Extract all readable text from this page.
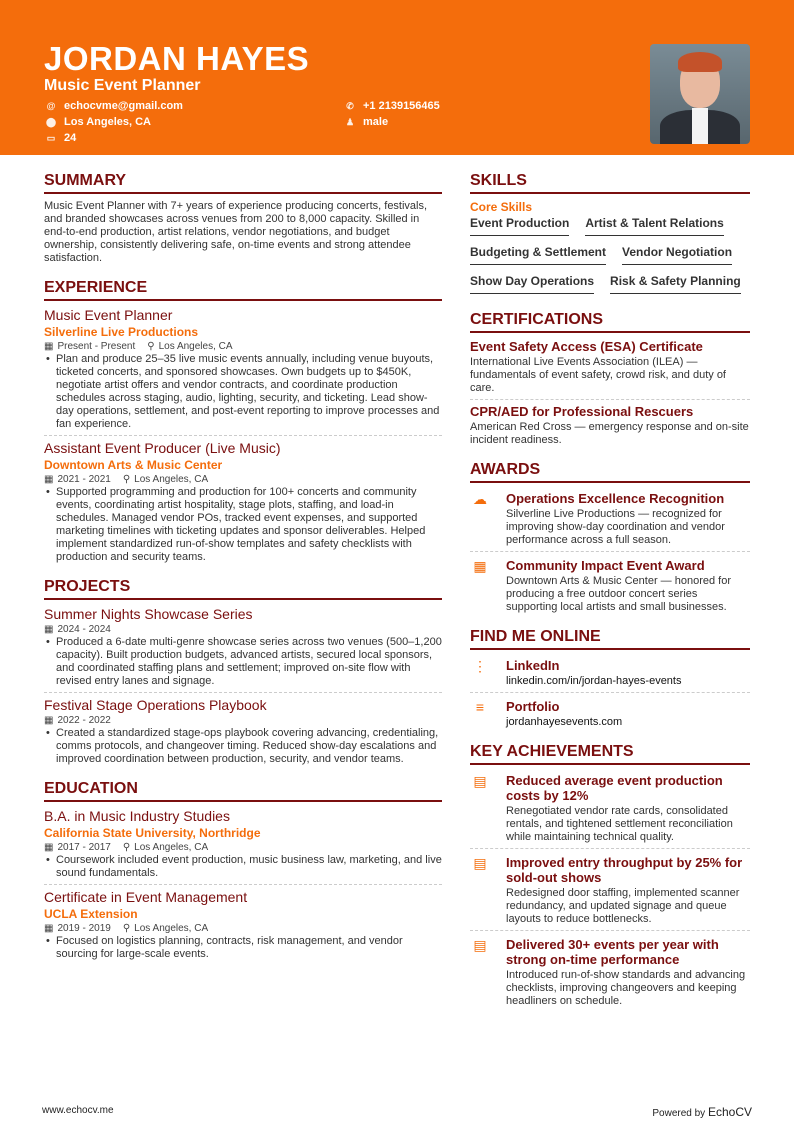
JORDAN HAYES
Music Event Planner
@ echocvme@gmail.com
⬤ Los Angeles, CA
▭ 24
✆ +1 2139156465
♟ male
SUMMARY
Music Event Planner with 7+ years of experience producing concerts, festivals, and branded showcases across venues from 200 to 8,000 capacity. Skilled in end-to-end production, artist relations, vendor negotiations, and budget ownership, consistently delivering safe, on-time events and strong attendee satisfaction.
EXPERIENCE
Music Event Planner
Silverline Live Productions
▦ Present - Present ⚲ Los Angeles, CA
• Plan and produce 25–35 live music events annually, including venue buyouts, ticketed concerts, and sponsored showcases. Own budgets up to $450K, negotiate artist offers and vendor contracts, and coordinate production schedules across staging, audio, lighting, security, and ticketing. Lead show-day operations, settlement, and post-event reporting to improve processes and fan experience.
Assistant Event Producer (Live Music)
Downtown Arts & Music Center
▦ 2021 - 2021 ⚲ Los Angeles, CA
• Supported programming and production for 100+ concerts and community events, coordinating artist hospitality, stage plots, staffing, and load-in schedules. Managed vendor POs, tracked event expenses, and supported marketing timelines with ticketing updates and sponsor deliverables. Helped implement standardized run-of-show templates and safety checklists with production and security teams.
PROJECTS
Summer Nights Showcase Series
▦ 2024 - 2024
• Produced a 6-date multi-genre showcase series across two venues (500–1,200 capacity). Built production budgets, advanced artists, secured local sponsors, and coordinated staffing plans and settlement; improved on-site flow with revised entry lanes and signage.
Festival Stage Operations Playbook
▦ 2022 - 2022
• Created a standardized stage-ops playbook covering advancing, credentialing, comms protocols, and changeover timing. Reduced show-day escalations and improved coordination between production, security, and vendor teams.
EDUCATION
B.A. in Music Industry Studies
California State University, Northridge
▦ 2017 - 2017 ⚲ Los Angeles, CA
• Coursework included event production, music business law, marketing, and live sound fundamentals.
Certificate in Event Management
UCLA Extension
▦ 2019 - 2019 ⚲ Los Angeles, CA
• Focused on logistics planning, contracts, risk management, and vendor sourcing for large-scale events.
SKILLS
Core Skills
Event Production Artist & Talent Relations
Budgeting & Settlement Vendor Negotiation
Show Day Operations Risk & Safety Planning
CERTIFICATIONS
Event Safety Access (ESA) Certificate
International Live Events Association (ILEA) — fundamentals of event safety, crowd risk, and duty of care.
CPR/AED for Professional Rescuers
American Red Cross — emergency response and on-site incident readiness.
AWARDS
☁ Operations Excellence Recognition
Silverline Live Productions — recognized for improving show-day coordination and vendor performance across a full season.
▦ Community Impact Event Award
Downtown Arts & Music Center — honored for producing a free outdoor concert series supporting local artists and small businesses.
FIND ME ONLINE
⋮ LinkedIn
linkedin.com/in/jordan-hayes-events
≡	Portfolio
jordanhayesevents.com
KEY ACHIEVEMENTS
▤ Reduced average event production costs by 12%
Renegotiated vendor rate cards, consolidated rentals, and tightened settlement reconciliation while maintaining technical quality.
▤ Improved entry throughput by 25% for sold-out shows
Redesigned door staffing, implemented scanner redundancy, and updated signage and queue layouts to reduce bottlenecks.
▤ Delivered 30+ events per year with strong on-time performance
Introduced run-of-show standards and advancing checklists, improving changeovers and keeping headliners on schedule.
www.echocv.me	Powered by EchoCV
